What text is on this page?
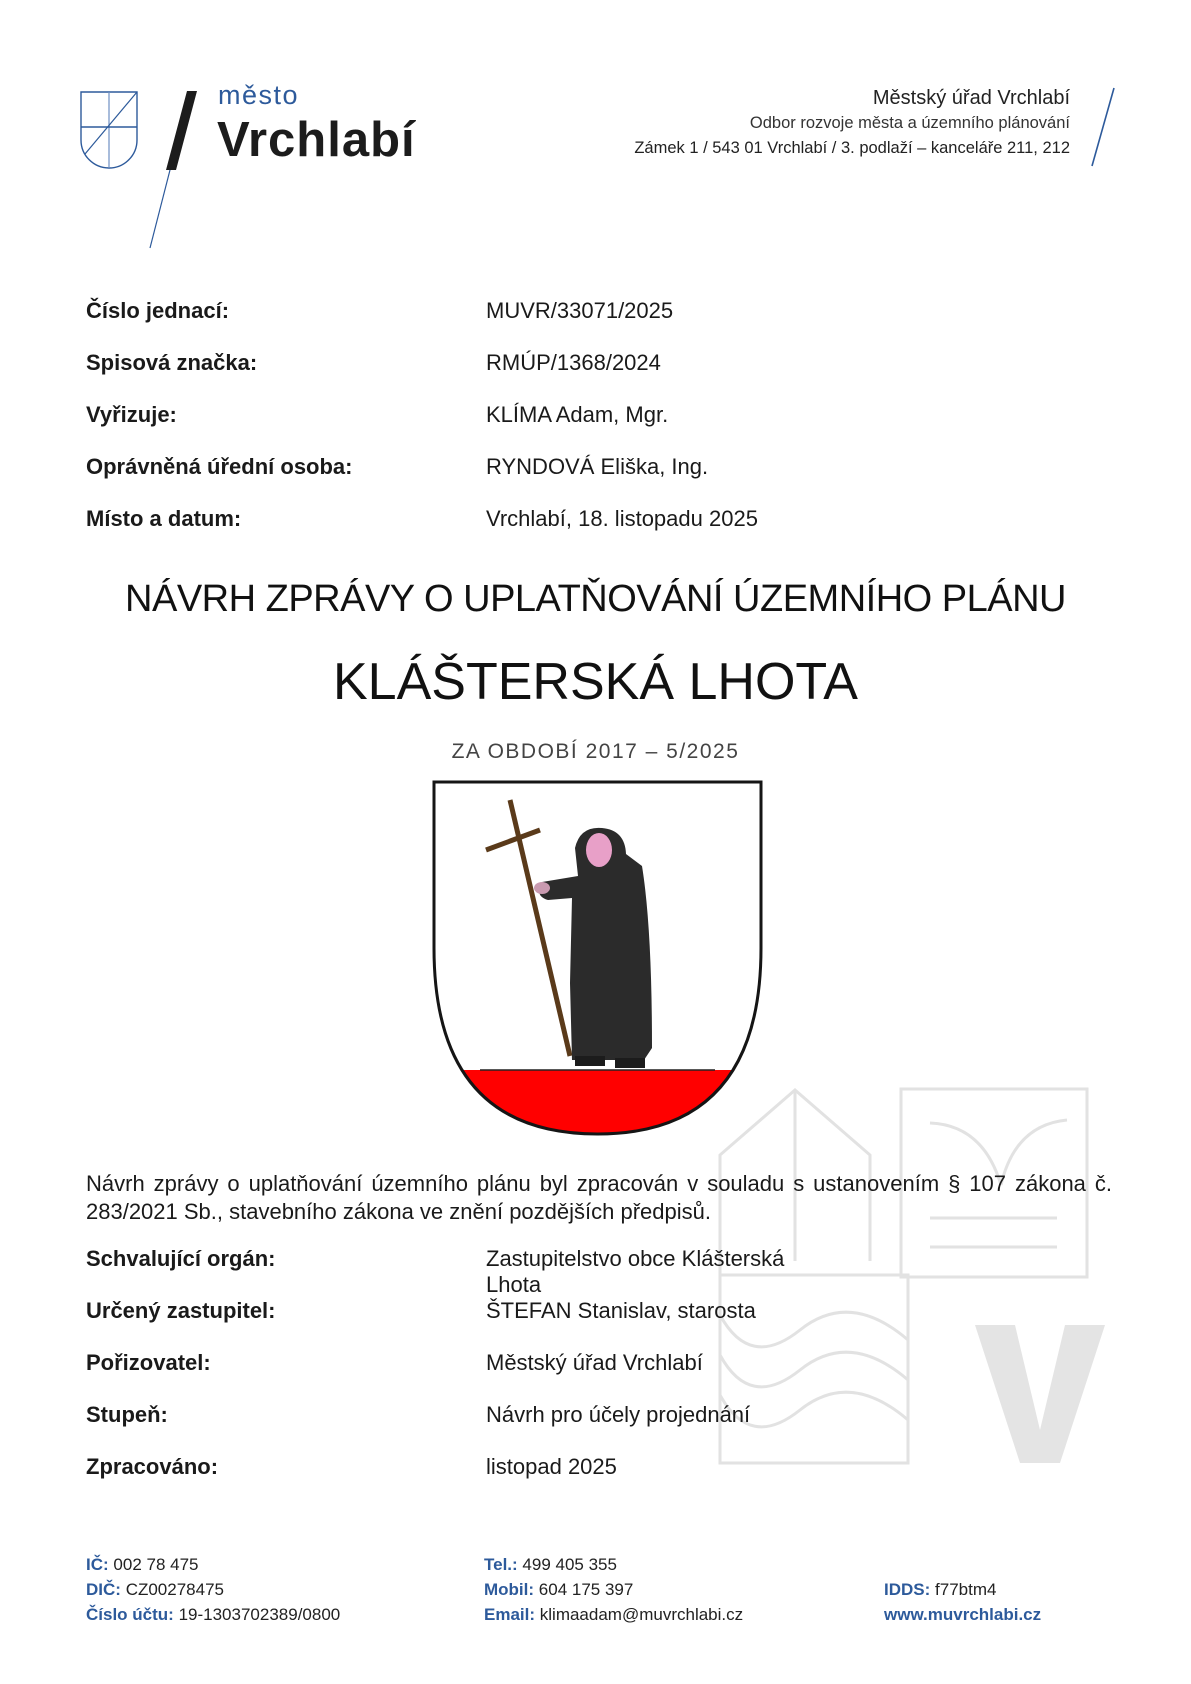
město
Vrchlabí
Městský úřad Vrchlabí
Odbor rozvoje města a územního plánování
Zámek 1 / 543 01 Vrchlabí / 3. podlaží – kanceláře 211, 212
Číslo jednací:	MUVR/33071/2025
Spisová značka:	RMÚP/1368/2024
Vyřizuje:	KLÍMA Adam, Mgr.
Oprávněná úřední osoba:	RYNDOVÁ Eliška, Ing.
Místo a datum:	Vrchlabí, 18. listopadu 2025
NÁVRH ZPRÁVY O UPLATŇOVÁNÍ ÚZEMNÍHO PLÁNU
KLÁŠTERSKÁ LHOTA
ZA OBDOBÍ 2017 – 5/2025
Návrh zprávy o uplatňování územního plánu byl zpracován v souladu s ustanovením § 107 zákona č. 283/2021 Sb., stavebního zákona ve znění pozdějších předpisů.
Schvalující orgán:	Zastupitelstvo obce Klášterská Lhota
Určený zastupitel:	ŠTEFAN Stanislav, starosta
Pořizovatel:	Městský úřad Vrchlabí
Stupeň:	Návrh pro účely projednání
Zpracováno:	listopad 2025
IČ: 002 78 475
DIČ: CZ00278475
Číslo účtu: 19-1303702389/0800
Tel.: 499 405 355
Mobil: 604 175 397
Email: klimaadam@muvrchlabi.cz
IDDS: f77btm4
www.muvrchlabi.cz
